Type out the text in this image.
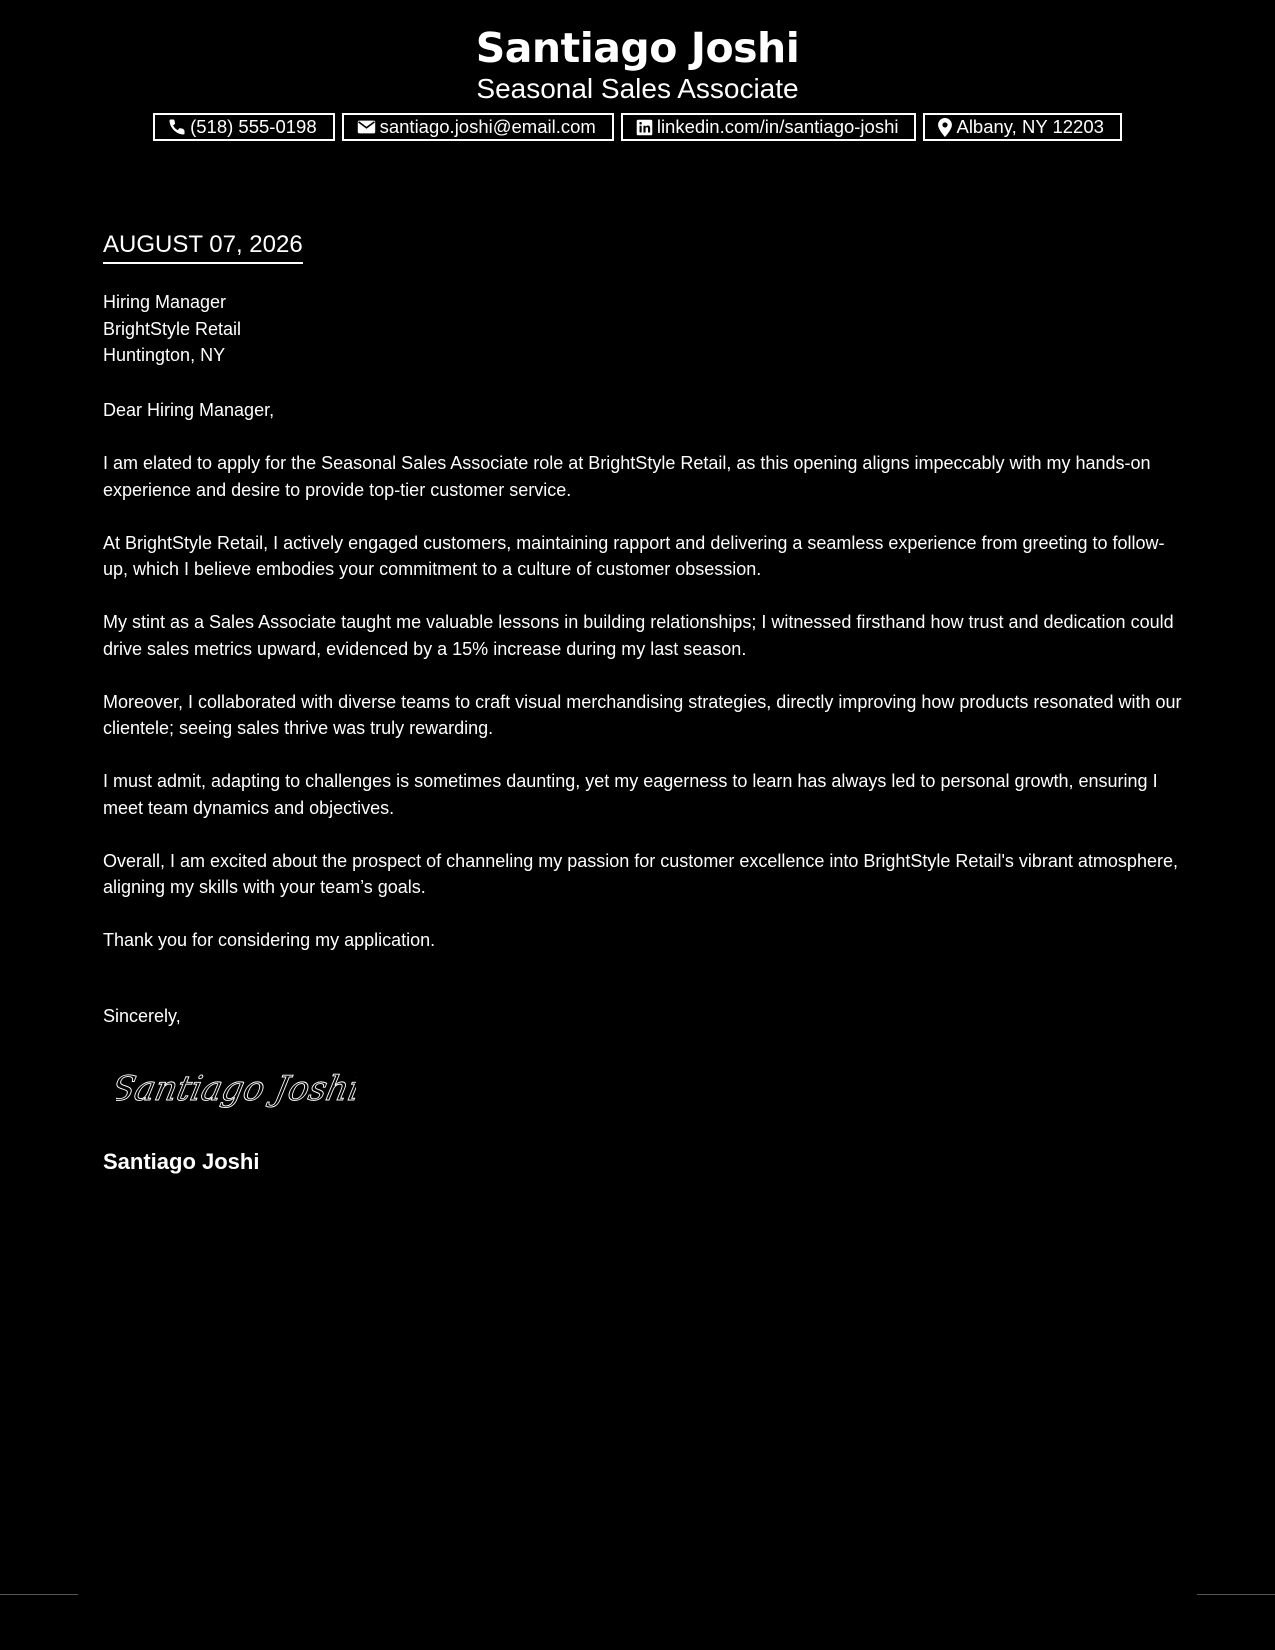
Santiago Joshi
Seasonal Sales Associate
(518) 555-0198	santiago.joshi@email.com	linkedin.com/in/santiago-joshi	Albany, NY 12203
AUGUST 07, 2026
Hiring Manager
BrightStyle Retail
Huntington, NY
Dear Hiring Manager,

I am elated to apply for the Seasonal Sales Associate role at BrightStyle Retail, as this opening aligns impeccably with my hands-on experience and desire to provide top-tier customer service.

At BrightStyle Retail, I actively engaged customers, maintaining rapport and delivering a seamless experience from greeting to follow-up, which I believe embodies your commitment to a culture of customer obsession.

My stint as a Sales Associate taught me valuable lessons in building relationships; I witnessed firsthand how trust and dedication could drive sales metrics upward, evidenced by a 15% increase during my last season.

Moreover, I collaborated with diverse teams to craft visual merchandising strategies, directly improving how products resonated with our clientele; seeing sales thrive was truly rewarding.

I must admit, adapting to challenges is sometimes daunting, yet my eagerness to learn has always led to personal growth, ensuring I meet team dynamics and objectives.

Overall, I am excited about the prospect of channeling my passion for customer excellence into BrightStyle Retail's vibrant atmosphere, aligning my skills with your team’s goals.

Thank you for considering my application.

Sincerely,
Santiago Joshi
Santiago Joshi
